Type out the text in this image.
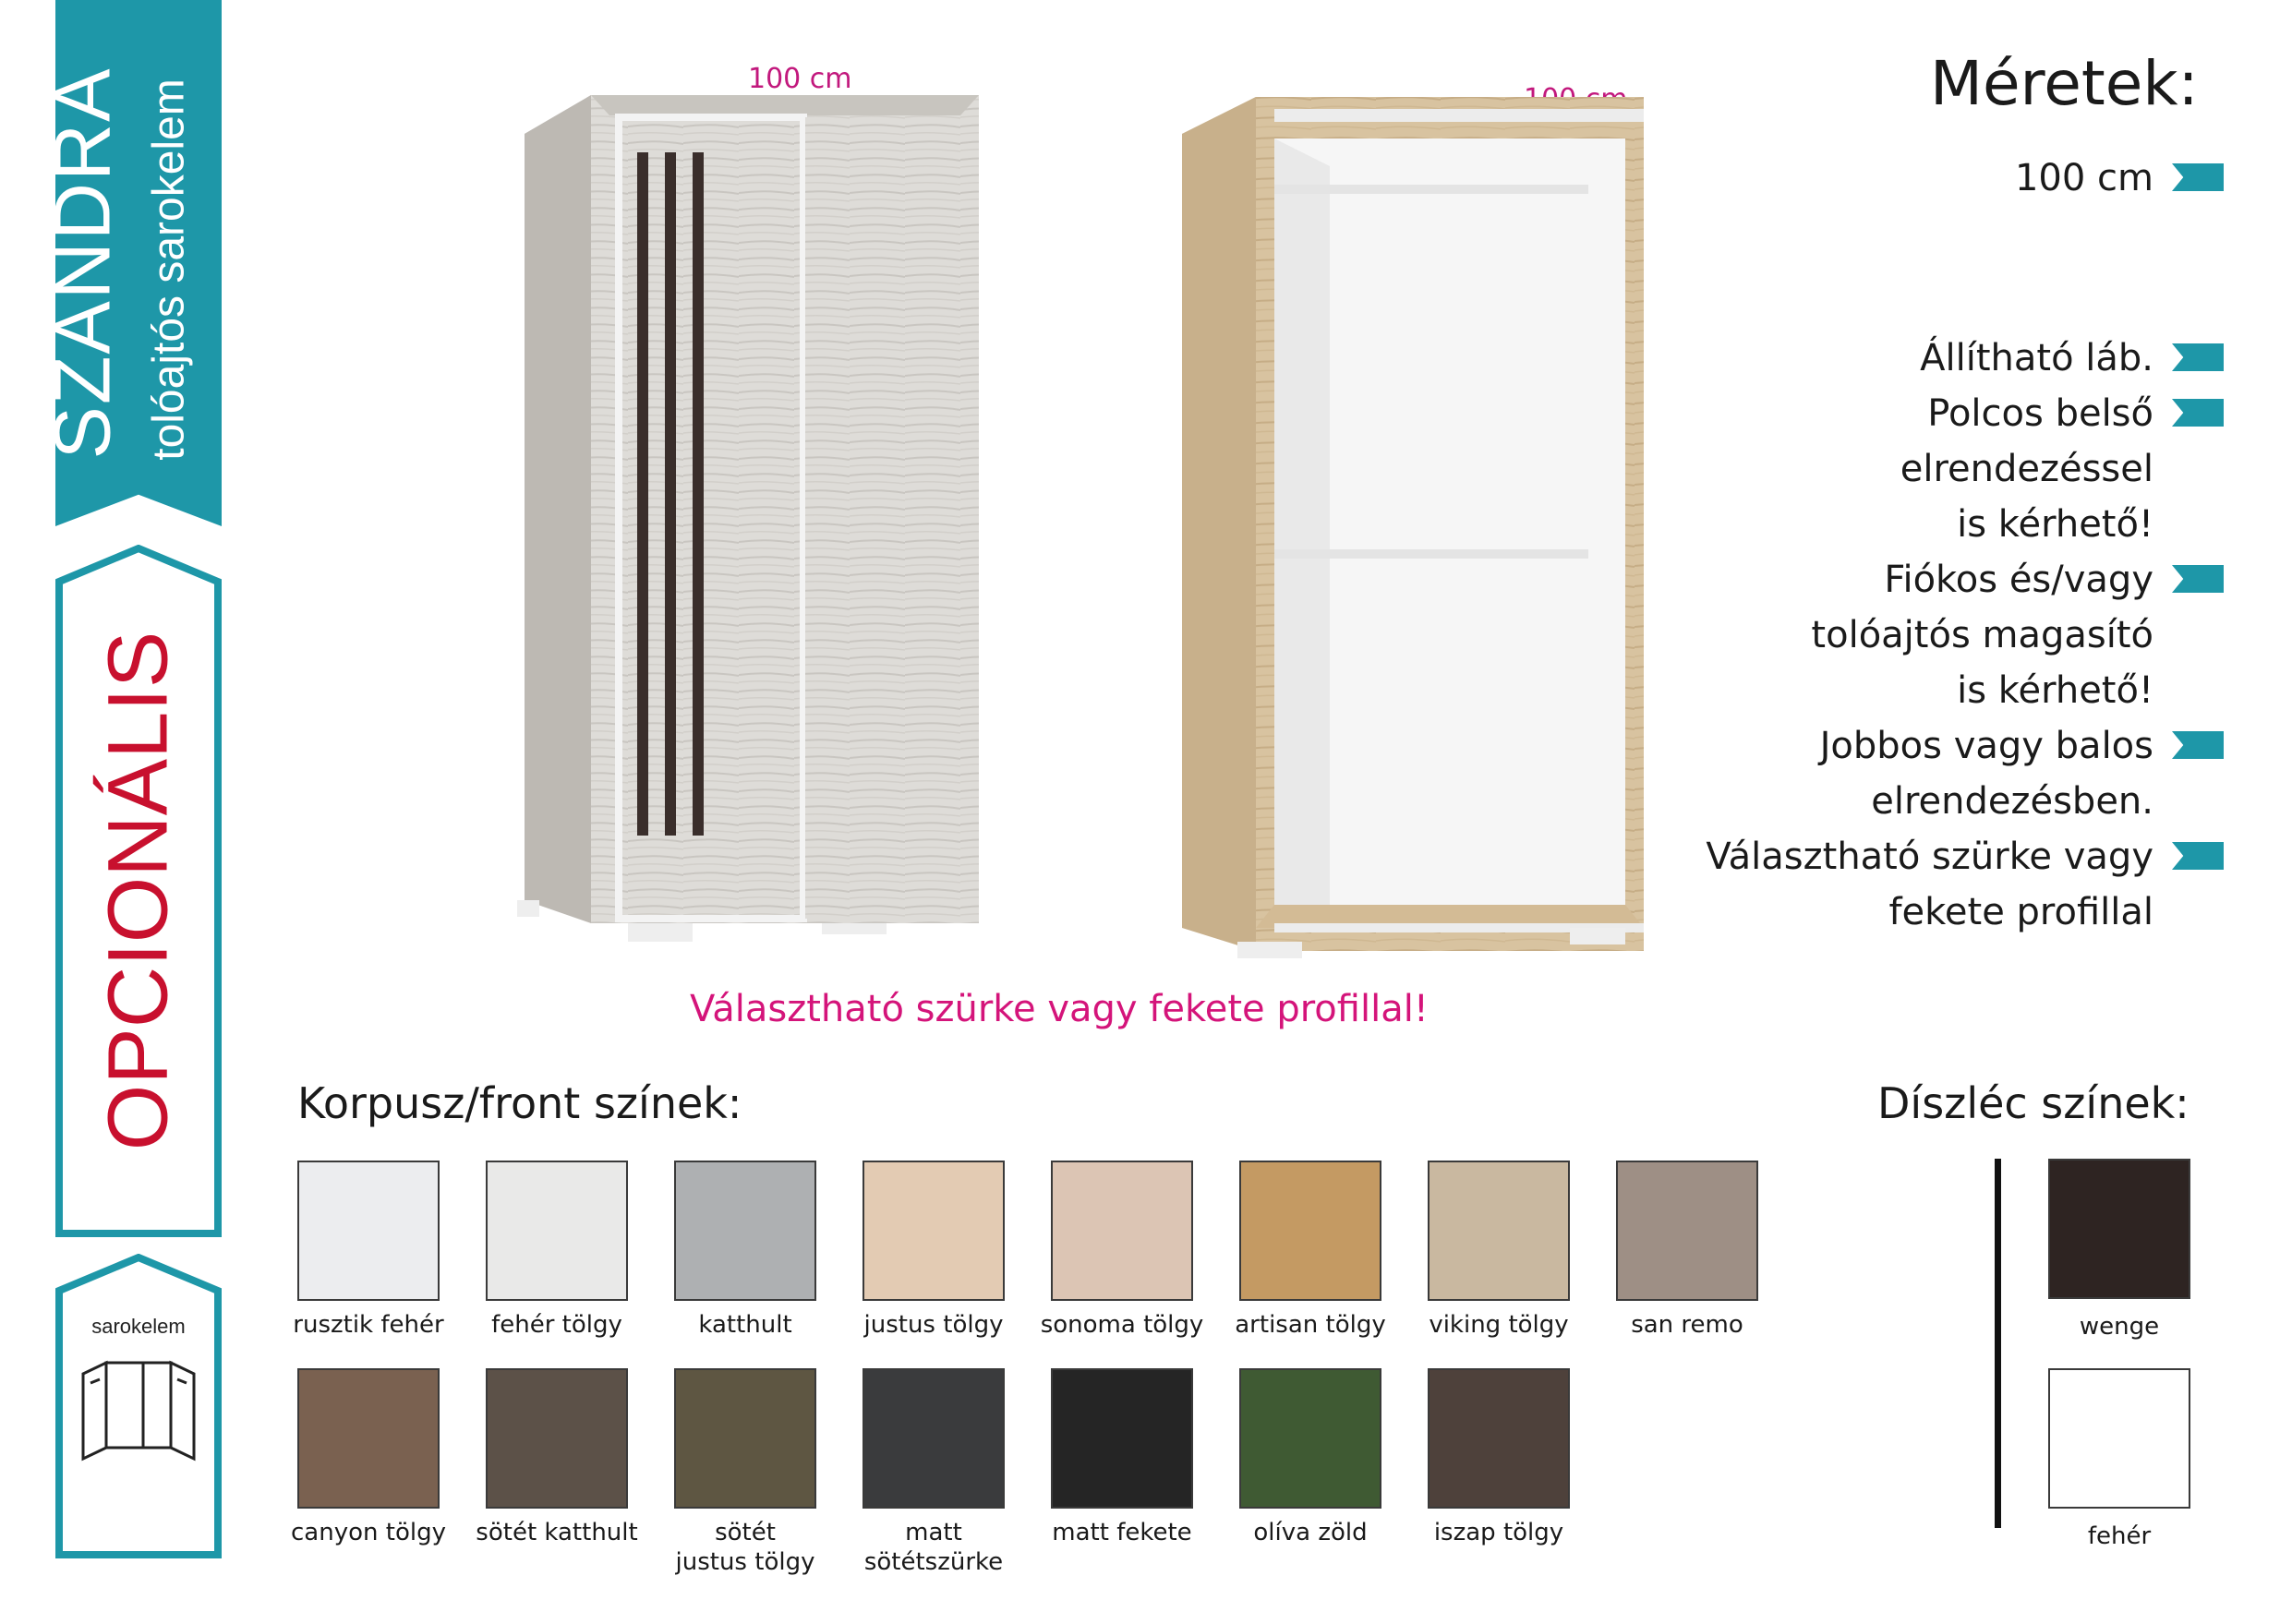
SZANDRA tolóajtós sarokelem
OPCIONÁLIS
sarokelem
100 cm
Választható szürke vagy fekete profillal!
Méretek:
100 cm
Állítható láb.
Polcos belső
elrendezéssel
is kérhető!
Fiókos és/vagy
tolóajtós magasító
is kérhető!
Jobbos vagy balos
elrendezésben.
Választható szürke vagy
fekete profillal
Korpusz/front színek:
rusztik fehér	fehér tölgy	katthult	justus tölgy	sonoma tölgy	artisan tölgy	viking tölgy	san remo
canyon tölgy	sötét katthult	sötét
justus tölgy
matt
sötétszürke
matt fekete	olíva zöld	iszap tölgy
Díszléc színek:
wenge
fehér
